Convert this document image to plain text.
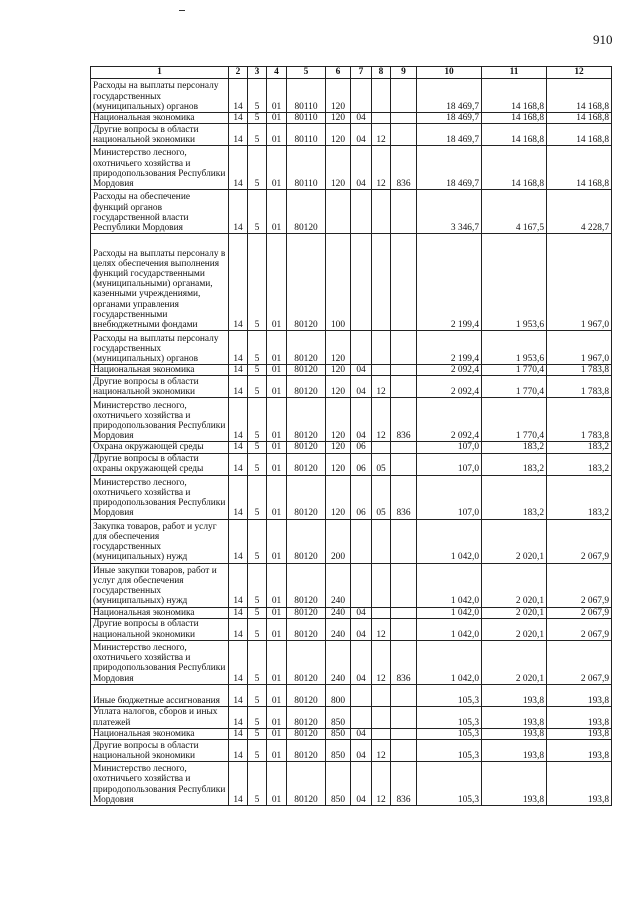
910
1	2	3	4	5	6	7	8	9	10	11	12
Расходы на выплаты персоналу государственных (муниципальных) органов	14	5	01	80110	120				18 469,7	14 168,8	14 168,8
Национальная экономика	14	5	01	80110	120	04			18 469,7	14 168,8	14 168,8
Другие вопросы в области национальной экономики	14	5	01	80110	120	04	12		18 469,7	14 168,8	14 168,8
Министерство лесного, охотничьего хозяйства и природопользования Республики Мордовия	14	5	01	80110	120	04	12	836	18 469,7	14 168,8	14 168,8
Расходы на обеспечение функций органов государственной власти Республики Мордовия	14	5	01	80120					3 346,7	4 167,5	4 228,7
Расходы на выплаты персоналу в целях обеспечения выполнения функций государственными (муниципальными) органами, казенными учреждениями, органами управления государственными внебюджетными фондами	14	5	01	80120	100				2 199,4	1 953,6	1 967,0
Расходы на выплаты персоналу государственных (муниципальных) органов	14	5	01	80120	120				2 199,4	1 953,6	1 967,0
Национальная экономика	14	5	01	80120	120	04			2 092,4	1 770,4	1 783,8
Другие вопросы в области национальной экономики	14	5	01	80120	120	04	12		2 092,4	1 770,4	1 783,8
Министерство лесного, охотничьего хозяйства и природопользования Республики Мордовия	14	5	01	80120	120	04	12	836	2 092,4	1 770,4	1 783,8
Охрана окружающей среды	14	5	01	80120	120	06			107,0	183,2	183,2
Другие вопросы в области охраны окружающей среды	14	5	01	80120	120	06	05		107,0	183,2	183,2
Министерство лесного, охотничьего хозяйства и природопользования Республики Мордовия	14	5	01	80120	120	06	05	836	107,0	183,2	183,2
Закупка товаров, работ и услуг для обеспечения государственных (муниципальных) нужд	14	5	01	80120	200				1 042,0	2 020,1	2 067,9
Иные закупки товаров, работ и услуг для обеспечения государственных (муниципальных) нужд	14	5	01	80120	240				1 042,0	2 020,1	2 067,9
Национальная экономика	14	5	01	80120	240	04			1 042,0	2 020,1	2 067,9
Другие вопросы в области национальной экономики	14	5	01	80120	240	04	12		1 042,0	2 020,1	2 067,9
Министерство лесного, охотничьего хозяйства и природопользования Республики Мордовия	14	5	01	80120	240	04	12	836	1 042,0	2 020,1	2 067,9
Иные бюджетные ассигнования	14	5	01	80120	800				105,3	193,8	193,8
Уплата налогов, сборов и иных платежей	14	5	01	80120	850				105,3	193,8	193,8
Национальная экономика	14	5	01	80120	850	04			105,3	193,8	193,8
Другие вопросы в области национальной экономики	14	5	01	80120	850	04	12		105,3	193,8	193,8
Министерство лесного, охотничьего хозяйства и природопользования Республики Мордовия	14	5	01	80120	850	04	12	836	105,3	193,8	193,8
